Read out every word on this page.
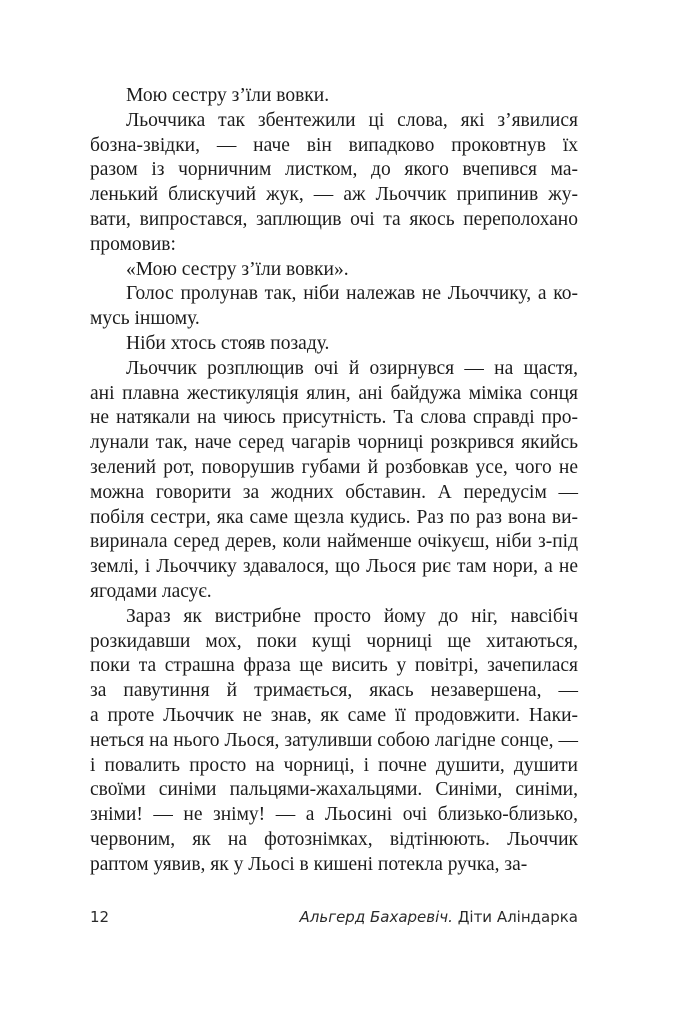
Мою сестру з’їли вовки.
Льоччика так збентежили ці слова, які з’явилися
бозна-звідки, — наче він випадково проковтнув їх
разом із чорничним листком, до якого вчепився ма-
ленький блискучий жук, — аж Льоччик припинив жу-
вати, випростався, заплющив очі та якось переполохано
промовив:
«Мою сестру з’їли вовки».
Голос пролунав так, ніби належав не Льоччику, а ко-
мусь іншому.
Ніби хтось стояв позаду.
Льоччик розплющив очі й озирнувся — на щастя,
ані плавна жестикуляція ялин, ані байдужа міміка сонця
не натякали на чиюсь присутність. Та слова справді про-
лунали так, наче серед чагарів чорниці розкрився якийсь
зелений рот, поворушив губами й розбовкав усе, чого не
можна говорити за жодних обставин. А передусім —
побіля сестри, яка саме щезла кудись. Раз по раз вона ви-
виринала серед дерев, коли найменше очікуєш, ніби з-під
землі, і Льоччику здавалося, що Льося риє там нори, а не
ягодами ласує.
Зараз як вистрибне просто йому до ніг, навсібіч
розкидавши мох, поки кущі чорниці ще хитаються,
поки та страшна фраза ще висить у повітрі, зачепилася
за павутиння й тримається, якась незавершена, —
а проте Льоччик не знав, як саме її продовжити. Наки-
неться на нього Льося, затуливши собою лагідне сонце, —
і повалить просто на чорниці, і почне душити, душити
своїми синіми пальцями-жахальцями. Синіми, синіми,
зніми! — не зніму! — а Льосині очі близько-близько,
червоним, як на фотознімках, відтінюють. Льоччик
раптом уявив, як у Льосі в кишені потекла ручка, за-
12	Альгерд Бахаревіч. Діти Аліндарка
